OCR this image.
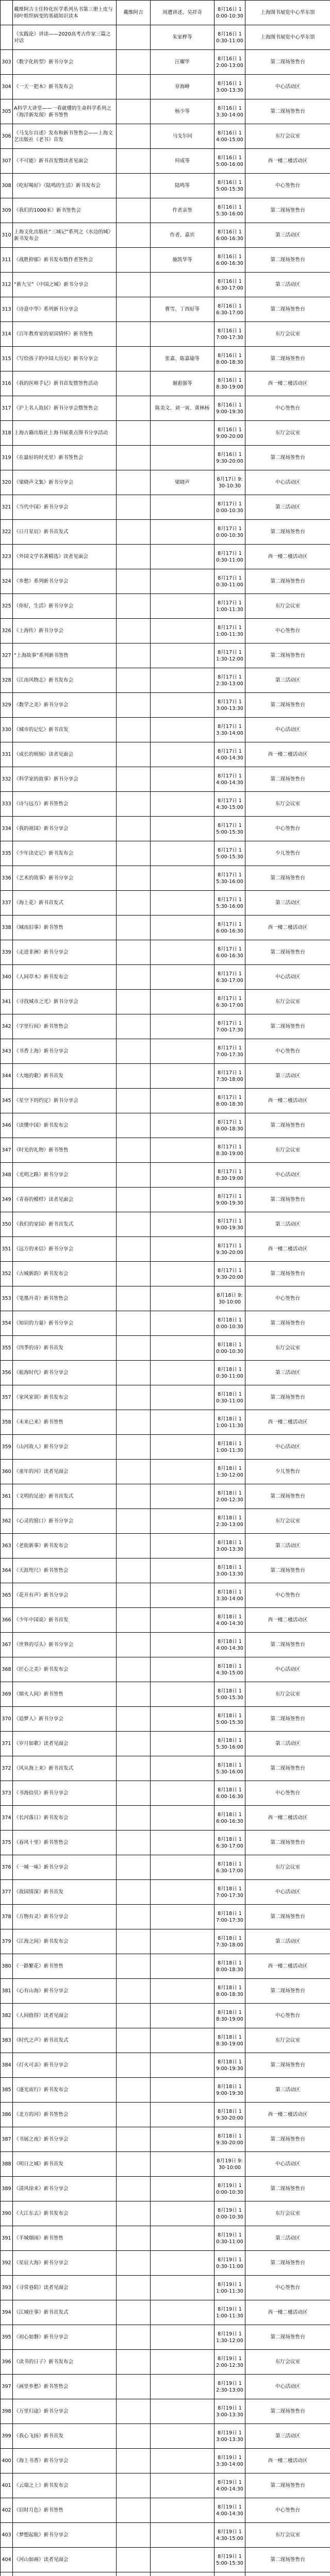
	戴维阿吉主任特化医学系列丛书第三册上皮与间叶组织病变的基础知识读本	戴维阿吉	周遭讲述、吴祥奇	8月16日 10:00-10:30	上海图书展览中心华东馆
	《实践论》讲读——2020高考古作家三篇之对话		朱家桦等	8月16日 10:30-11:00	上海图书展览中心华东馆
303	《数字化转型》新书分享会		汪耀华	8月16日 12:00-13:00	第二现场签售台
304	《一天一把本》新书发布会		章海峰	8月16日 13:00-13:30	中心活动区
305	A科学大讲堂——一看就懂的生命科学系列之《海洋新发现》新书签售		杨少等	8月16日 13:30-14:00	第二现场签售台
306	《马戈尔自述》发布和新书签售会——上海文艺出版社《老书》首发		马戈尔同	8月16日 14:00-15:00	东厅会议室
307	《不可能》新书首发暨读者见面会		何成等	8月16日 15:00-16:00	西一楼二楼活动区
308	《吃好喝好》《陆鸣的生活》新书发布会		陆鸣等	8月16日 15:00-15:30	中心签售台
309	《我们的1000米》新书签售会		作者亲签	8月16日 15:30-16:00	第二现场签售台
310	上海文化出版社“三城记”系列之《水边的城》新书发布会		作者、嘉宾	8月16日 16:00-16:30	第三活动区
311	《战胜抑郁》新书发布暨作者签售会		施凯华等	8月16日 16:00-16:30	第二现场签售台
312	“新九宝”《中国之城》新书分享会			8月16日 16:30-17:00	第三活动区
313	《诗意中华》系列新书分享会		曹雪、丁酉好等	8月16日 16:30-17:00	第二现场签售台
314	《百年教育家的家国情怀》新书签售			8月16日 17:00-17:30	东厅会议室
315	《写给孩子的中国大历史》新书分享会		张嘉、陈嘉瑜等	8月16日 18:00-18:30	第二现场签售台
316	《我的医师手记》新书首发暨签售活动		谢惠强等	8月16日 18:30-19:00	西一楼二楼活动区
317	《沪上名人故居》新书分享会暨签售会		陈美文、刘一寅、黄林杨	8月16日 19:00-19:30	中心签售台
318	上海古籍出版社上海书展重点图书分享活动			8月16日 19:00-20:00	东厅会议室
319	《在最好的时光里》新书签售会			8月16日 19:30-20:00	第二现场签售台
320	《梁晓声文集》新书分享会		梁晓声	8月17日 9:30-10:30	中心活动区
321	《当代中国》新书分享会			8月17日 10:00-10:30	第三活动区
322	《日月星辰》新书首发式			8月17日 10:00-10:30	第二现场签售台
323	《外国文学名著精选》读者见面会			8月17日 10:30-11:00	西一楼二楼活动区
324	《乡愁》系列新书分享会			8月17日 10:30-11:00	第二现场签售台
325	《你好，生活》新书分享会			8月17日 11:00-11:30	东厅会议室
326	《上海传》新书分享会			8月17日 11:00-11:30	中心签售台
327	“上海故事”系列新书签售			8月17日 11:30-12:00	第二现场签售台
328	《江南风物志》新书发布会			8月17日 12:30-13:00	第三活动区
329	《数学之美》新书分享会			8月17日 13:00-13:30	第二现场签售台
330	《城市的记忆》新书首发			8月17日 13:30-14:00	中心活动区
331	《成长的烦恼》读者见面会			8月17日 14:00-14:30	西一楼二楼活动区
332	《科学家的故事》新书分享会			8月17日 14:00-14:30	第二现场签售台
333	《诗与远方》新书签售会			8月17日 14:30-15:00	东厅会议室
334	《我的祖国》新书分享会			8月17日 15:00-15:30	中心签售台
335	《少年读史记》新书发布会			8月17日 15:00-15:30	少儿签售台
336	《艺术的故事》新书分享会			8月17日 15:30-16:00	第二现场签售台
337	《海上花》新书首发式			8月17日 15:30-16:00	第三活动区
338	《城南旧事》新书签售			8月17日 16:00-16:30	西一楼二楼活动区
339	《走进非洲》新书分享会			8月17日 16:00-16:30	第二现场签售台
340	《人间草木》新书发布会			8月17日 16:30-17:00	中心活动区
341	《寻找城市之光》新书分享会			8月17日 16:30-17:00	东厅会议室
342	《字里行间》新书签售会			8月17日 17:00-17:30	第二现场签售台
343	《书香上海》新书分享会			8月17日 17:00-17:30	中心签售台
344	《大地的歌》新书首发			8月17日 17:30-18:00	第三活动区
345	《星空下的约定》新书分享会			8月17日 18:00-18:30	西一楼二楼活动区
346	《读懂中国》新书发布会			8月17日 18:00-18:30	第二现场签售台
347	《时光的礼物》新书签售			8月17日 18:30-19:00	东厅会议室
348	《光明之路》新书分享会			8月17日 18:30-19:00	中心活动区
349	《青春的模样》读者见面会			8月17日 19:00-19:30	第二现场签售台
350	《我们的家园》新书首发式			8月17日 19:00-19:30	第三活动区
351	《远方的来信》新书分享会			8月17日 19:30-20:00	西一楼二楼活动区
352	《古城新韵》新书发布会			8月17日 19:30-20:00	第二现场签售台
353	《笔墨丹青》新书签售会			8月18日 9:30-10:00	中心签售台
354	《知识的力量》新书分享会			8月18日 10:00-10:30	第二现场签售台
355	《四季的诗》新书首发			8月18日 10:00-10:30	东厅会议室
356	《航海时代》新书分享会			8月18日 10:30-11:00	第三活动区
357	《家风家训》新书发布会			8月18日 10:30-11:00	第二现场签售台
358	《未来已来》新书签售			8月18日 11:00-11:30	西一楼二楼活动区
359	《山河故人》新书分享会			8月18日 11:00-11:30	中心活动区
360	《童年的河》读者见面会			8月18日 11:30-12:00	少儿签售台
361	《文明的足迹》新书首发式			8月18日 12:00-12:30	第二现场签售台
362	《心灵的窗口》新书分享会			8月18日 12:30-13:00	东厅会议室
363	《老街新事》新书发布会			8月18日 13:00-13:30	第三活动区
364	《天涯咫尺》新书签售会			8月18日 13:00-13:30	第二现场签售台
365	《花开有声》新书分享会			8月18日 13:30-14:00	中心签售台
366	《少年中国说》新书首发			8月18日 14:00-14:30	西一楼二楼活动区
367	《世界的尽头》新书分享会			8月18日 14:00-14:30	第二现场签售台
368	《匠心之美》新书发布会			8月18日 14:30-15:00	中心活动区
369	《烟火人间》新书签售			8月18日 15:00-15:30	东厅会议室
370	《追梦人》新书分享会			8月18日 15:00-15:30	第二现场签售台
371	《岁月如歌》读者见面会			8月18日 15:30-16:00	第三活动区
372	《风从海上来》新书首发式			8月18日 15:30-16:00	第二现场签售台
373	《书海拾贝》新书分享会			8月18日 16:00-16:30	中心签售台
374	《长河落日》新书发布会			8月18日 16:00-16:30	西一楼二楼活动区
375	《春风十里》新书签售会			8月18日 16:30-17:00	第二现场签售台
376	《一城一味》新书分享会			8月18日 16:30-17:00	东厅会议室
377	《故园情深》新书首发			8月18日 17:00-17:30	中心活动区
378	《万物有灵》新书分享会			8月18日 17:00-17:30	第二现场签售台
379	《江海之间》新书发布会			8月18日 17:30-18:00	第三活动区
380	《一路繁花》新书签售			8月18日 18:00-18:30	西一楼二楼活动区
381	《心有山海》新书分享会			8月18日 18:00-18:30	第二现场签售台
382	《人间值得》读者见面会			8月18日 18:30-19:00	中心签售台
383	《时代之声》新书首发式			8月18日 18:30-19:00	东厅会议室
384	《灯火可亲》新书分享会			8月18日 19:00-19:30	第二现场签售台
385	《逐光而行》新书发布会			8月18日 19:00-19:30	第三活动区
386	《北方的河》新书签售会			8月18日 19:30-20:00	西一楼二楼活动区
387	《书展之夜》新书分享会			8月18日 19:30-20:00	第二现场签售台
388	《明日之城》新书首发			8月19日 9:30-10:00	中心活动区
389	《清风徐来》新书分享会			8月19日 10:00-10:30	第二现场签售台
390	《大江东去》新书发布会			8月19日 10:00-10:30	东厅会议室
391	《半城烟雨》新书签售			8月19日 10:30-11:00	第三活动区
392	《星辰大海》新书分享会			8月19日 10:30-11:00	第二现场签售台
393	《寻常巷陌》读者见面会			8月19日 11:00-11:30	中心签售台
394	《江城往事》新书首发式			8月19日 11:00-11:30	西一楼二楼活动区
395	《初心如磐》新书分享会			8月19日 11:30-12:00	第二现场签售台
396	《读书的日子》新书发布会			8月19日 12:00-12:30	东厅会议室
397	《画里乡愁》新书签售会			8月19日 12:30-13:00	中心活动区
398	《万里归途》新书分享会			8月19日 13:00-13:30	第二现场签售台
399	《我心飞扬》新书首发			8月19日 13:00-13:30	第三活动区
400	《海上书香》新书分享会			8月19日 13:30-14:00	西一楼二楼活动区
401	《云端之上》新书发布会			8月19日 14:00-14:30	第二现场签售台
402	《旧时月色》新书签售			8月19日 14:00-14:30	中心签售台
403	《梦想起航》新书分享会			8月19日 14:30-15:00	东厅会议室
404	《河山如画》读者见面会			8月19日 15:00-15:30	第二现场签售台
